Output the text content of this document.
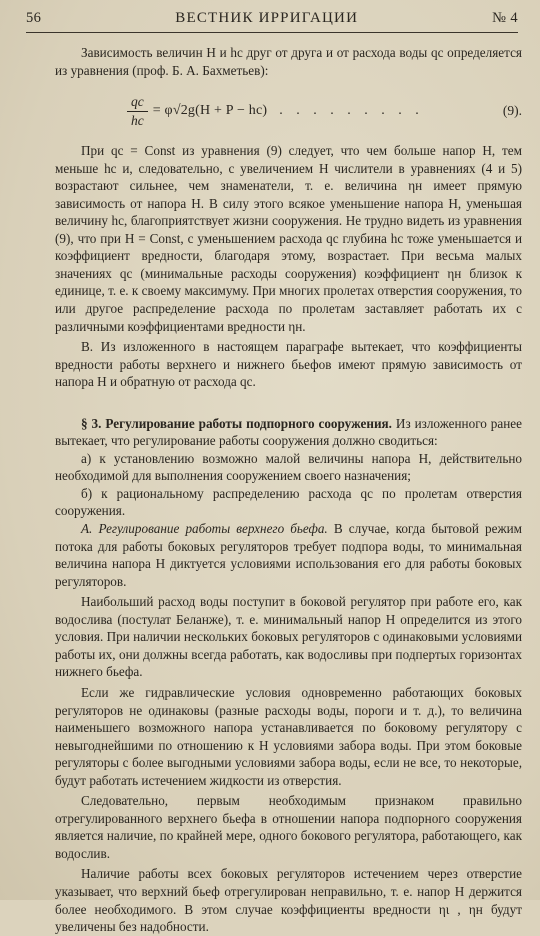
56	ВЕСТНИК ИРРИГАЦИИ	№ 4

Зависимость величин H и hc друг от друга и от расхода воды qc определяется из уравнения (проф. Б. А. Бахметьев):

$\frac{qc}{hc} = \varphi√2g(H + P - hc)$ . . . . . . . . .	(9).

При qc = Const из уравнения (9) следует, что чем больше напор H, тем меньше hc и, следовательно, с увеличением H числители в уравнениях (4 и 5) возрастают сильнее, чем знаменатели, т. е. величина ηн имеет прямую зависимость от напора H. В силу этого всякое уменьшение напора H, уменьшая величину hc, благоприятствует жизни сооружения. Не трудно видеть из уравнения (9), что при H = Const, с уменьшением расхода qc глубина hc тоже уменьшается и коэффициент вредности, благодаря этому, возрастает. При весьма малых значениях qc (минимальные расходы сооружения) коэффициент ηн близок к единице, т. е. к своему максимуму. При многих пролетах отверстия сооружения, то или другое распределение расхода по пролетам заставляет работать их с различными коэффициентами вредности ηн.

В. Из изложенного в настоящем параграфе вытекает, что коэффициенты вредности работы верхнего и нижнего бьефов имеют прямую зависимость от напора H и обратную от расхода qc.

§ 3. Регулирование работы подпорного сооружения. Из изложенного ранее вытекает, что регулирование работы сооружения должно сводиться:

а) к установлению возможно малой величины напора H, действительно необходимой для выполнения сооружением своего назначения;

б) к рациональному распределению расхода qc по пролетам отверстия сооружения.

А. Регулирование работы верхнего бьефа. В случае, когда бытовой режим потока для работы боковых регуляторов требует подпора воды, то минимальная величина напора H диктуется условиями использования его для работы боковых регуляторов.

Наибольший расход воды поступит в боковой регулятор при работе его, как водослива (постулат Беланже), т. е. минимальный напор H определится из этого условия. При наличии нескольких боковых регуляторов с одинаковыми условиями работы их, они должны всегда работать, как водосливы при подпертых горизонтах нижнего бьефа.

Если же гидравлические условия одновременно работающих боковых регуляторов не одинаковы (разные расходы воды, пороги и т. д.), то величина наименьшего возможного напора устанавливается по боковому регулятору с невыгоднейшими по отношению к H условиями забора воды. При этом боковые регуляторы с более выгодными условиями забора воды, если не все, то некоторые, будут работать истечением жидкости из отверстия.

Следовательно, первым необходимым признаком правильно отрегулированного верхнего бьефа в отношении напора подпорного сооружения является наличие, по крайней мере, одного бокового регулятора, работающего, как водослив.

Наличие работы всех боковых регуляторов истечением через отверстие указывает, что верхний бьеф отрегулирован неправильно, т. е. напор H держится более необходимого. В этом случае коэффициенты вредности ηι , ηн будут увеличены без надобности.
